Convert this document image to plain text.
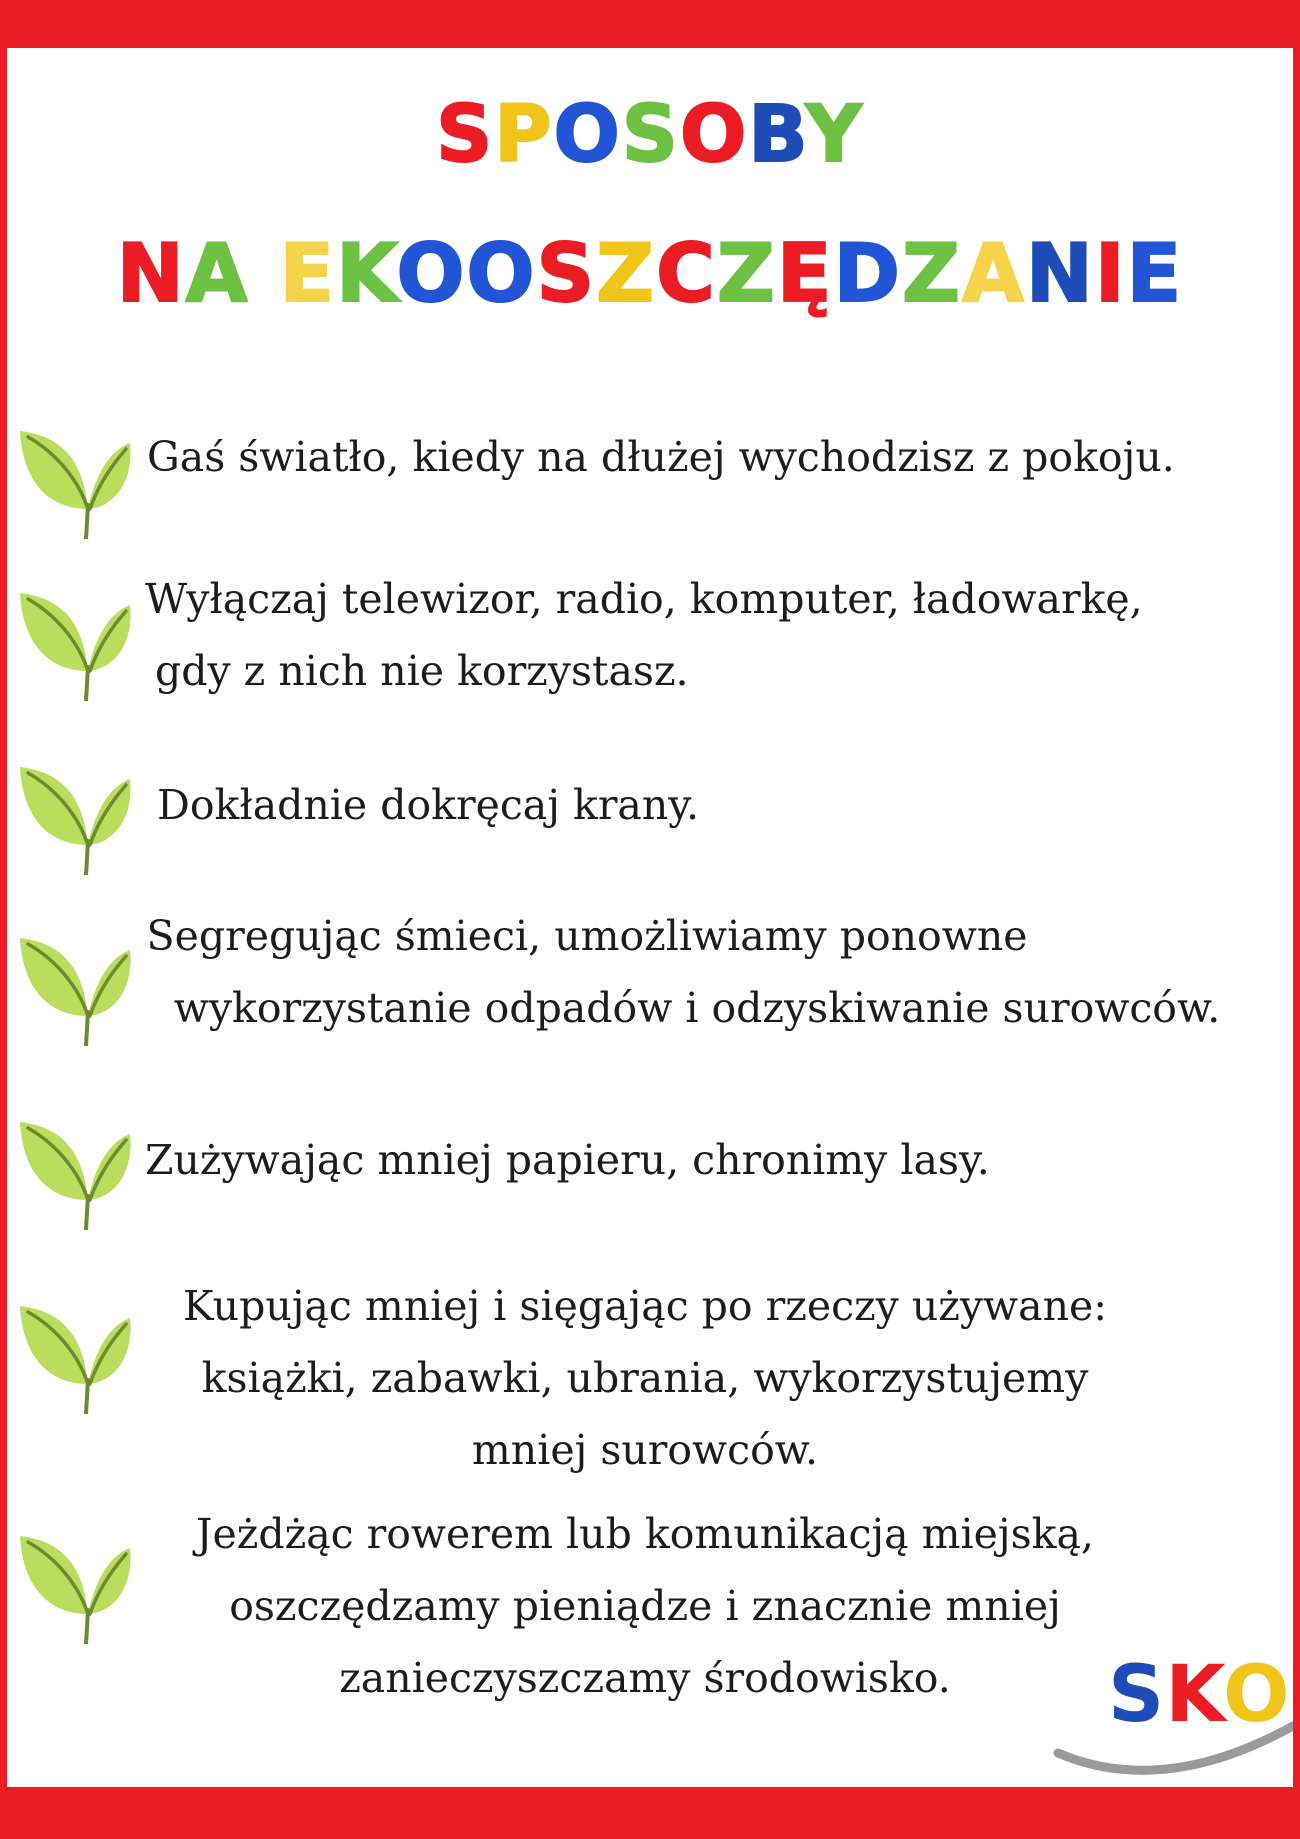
SPOSOBY
NA EKOOSZCZĘDZANIE
Gaś światło, kiedy na dłużej wychodzisz z pokoju.
Wyłączaj telewizor, radio, komputer, ładowarkę,
gdy z nich nie korzystasz.
Dokładnie dokręcaj krany.
Segregując śmieci, umożliwiamy ponowne
wykorzystanie odpadów i odzyskiwanie surowców.
Zużywając mniej papieru, chronimy lasy.
Kupując mniej i sięgając po rzeczy używane:
książki, zabawki, ubrania, wykorzystujemy
mniej surowców.
Jeżdżąc rowerem lub komunikacją miejską,
oszczędzamy pieniądze i znacznie mniej
zanieczyszczamy środowisko.	SKO
